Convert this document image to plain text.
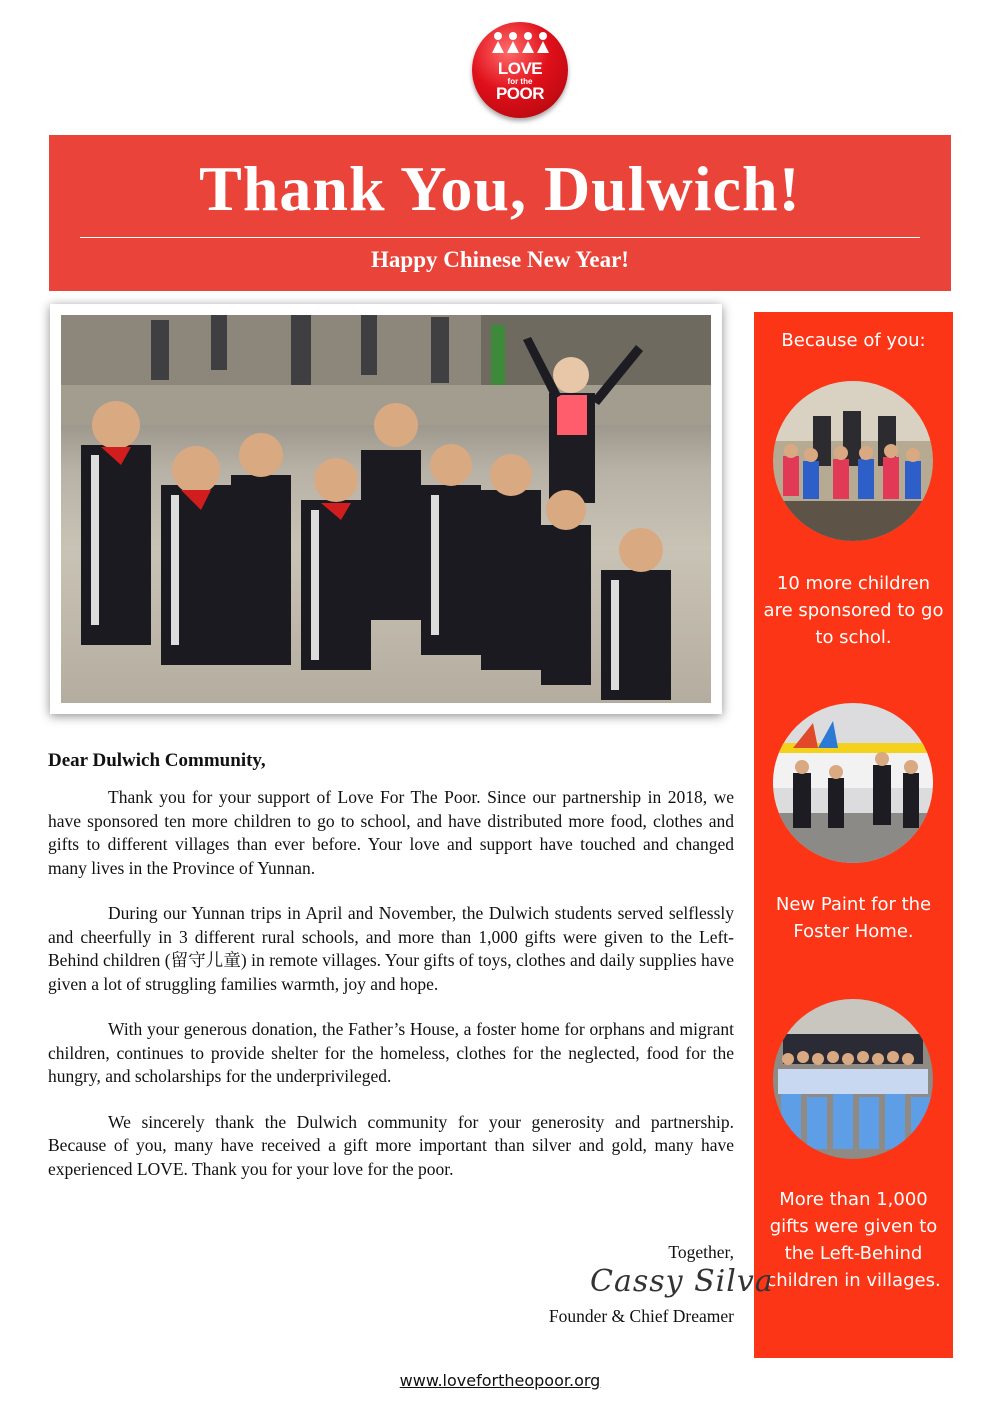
LOVE
for the
POOR
Thank You, Dulwich!
Happy Chinese New Year!
Because of you:
10 more children are sponsored to go to schol.
New Paint for the Foster Home.
More than 1,000 gifts were given to the Left-Behind children in villages.
Dear Dulwich Community,

Thank you for your support of Love For The Poor. Since our partnership in 2018, we have sponsored ten more children to go to school, and have distributed more food, clothes and gifts to different villages than ever before. Your love and support have touched and changed many lives in the Province of Yunnan.

During our Yunnan trips in April and November, the Dulwich students served selflessly and cheerfully in 3 different rural schools, and more than 1,000 gifts were given to the Left-Behind children (留守儿童) in remote villages. Your gifts of toys, clothes and daily supplies have given a lot of struggling families warmth, joy and hope.

With your generous donation, the Father’s House, a foster home for orphans and migrant children, continues to provide shelter for the homeless, clothes for the neglected, food for the hungry, and scholarships for the underprivileged.

We sincerely thank the Dulwich community for your generosity and partnership. Because of you, many have received a gift more important than silver and gold, many have experienced LOVE. Thank you for your love for the poor.

Together,
Cassy Silva
Founder & Chief Dreamer
www.lovefortheopoor.org
